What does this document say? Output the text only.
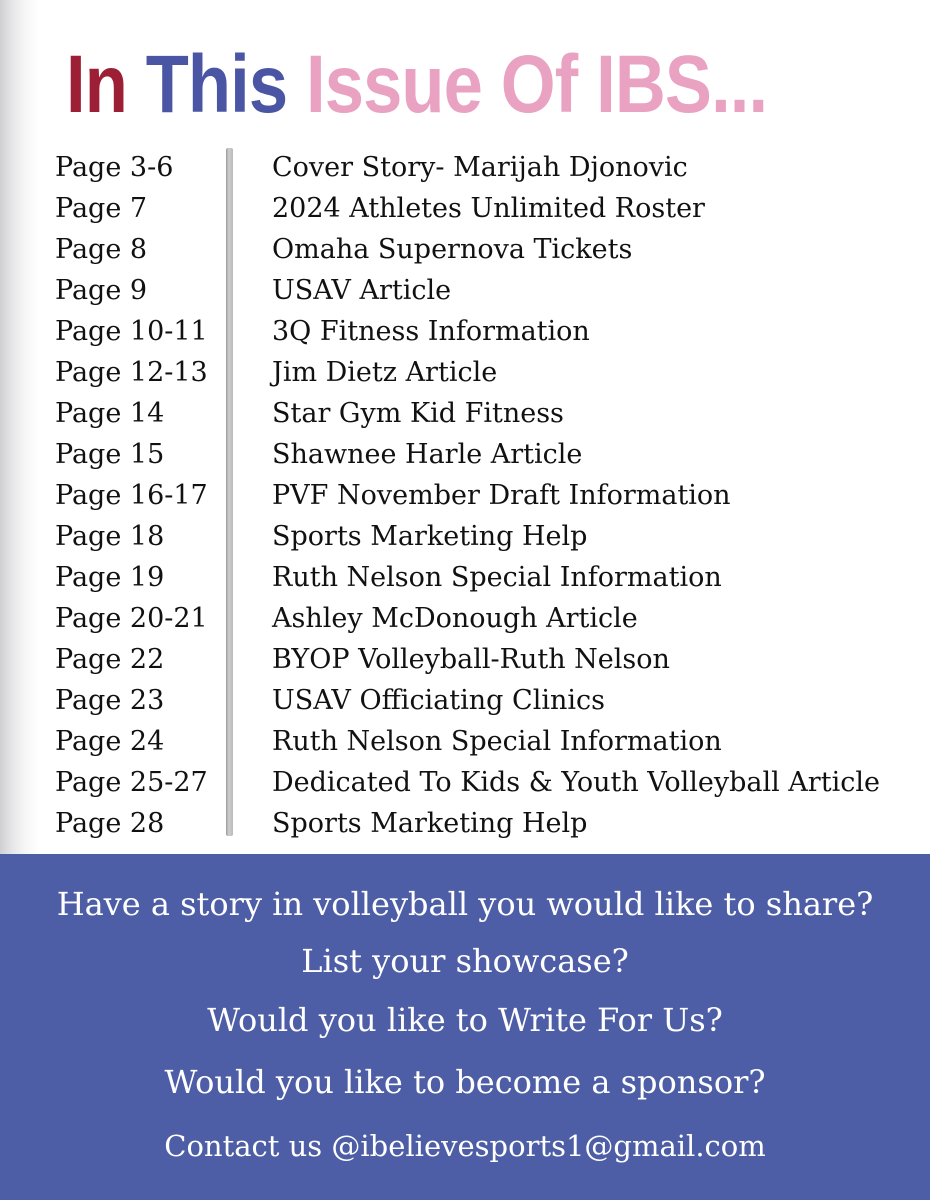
In This Issue Of IBS...
Page 3-6	Cover Story- Marijah Djonovic
Page 7	2024 Athletes Unlimited Roster
Page 8	Omaha Supernova Tickets
Page 9	USAV Article
Page 10-11 3Q Fitness Information
Page 12-13 Jim Dietz Article
Page 14	Star Gym Kid Fitness
Page 15	Shawnee Harle Article
Page 16-17 PVF November Draft Information
Page 18	Sports Marketing Help
Page 19	Ruth Nelson Special Information
Page 20-21 Ashley McDonough Article
Page 22	BYOP Volleyball-Ruth Nelson
Page 23	USAV Officiating Clinics
Page 24	Ruth Nelson Special Information
Page 25-27 Dedicated To Kids & Youth Volleyball Article
Page 28	Sports Marketing Help
Have a story in volleyball you would like to share?
List your showcase?
Would you like to Write For Us?
Would you like to become a sponsor?
Contact us @ibelievesports1@gmail.com
